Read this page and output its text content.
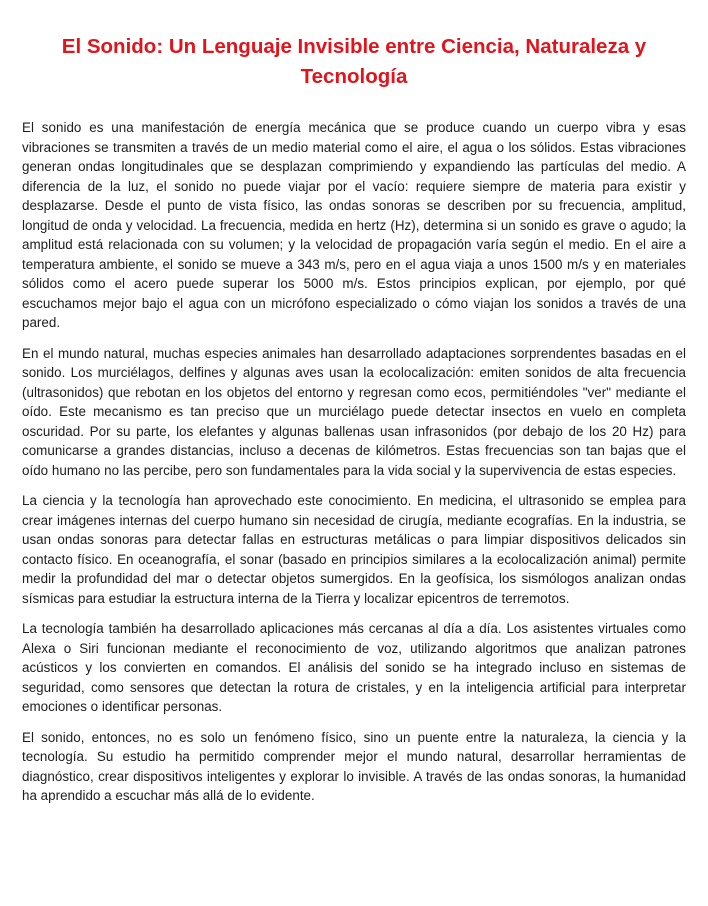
El Sonido: Un Lenguaje Invisible entre Ciencia, Naturaleza y Tecnología

El sonido es una manifestación de energía mecánica que se produce cuando un cuerpo vibra y esas vibraciones se transmiten a través de un medio material como el aire, el agua o los sólidos. Estas vibraciones generan ondas longitudinales que se desplazan comprimiendo y expandiendo las partículas del medio. A diferencia de la luz, el sonido no puede viajar por el vacío: requiere siempre de materia para existir y desplazarse. Desde el punto de vista físico, las ondas sonoras se describen por su frecuencia, amplitud, longitud de onda y velocidad. La frecuencia, medida en hertz (Hz), determina si un sonido es grave o agudo; la amplitud está relacionada con su volumen; y la velocidad de propagación varía según el medio. En el aire a temperatura ambiente, el sonido se mueve a 343 m/s, pero en el agua viaja a unos 1500 m/s y en materiales sólidos como el acero puede superar los 5000 m/s. Estos principios explican, por ejemplo, por qué escuchamos mejor bajo el agua con un micrófono especializado o cómo viajan los sonidos a través de una pared.

En el mundo natural, muchas especies animales han desarrollado adaptaciones sorprendentes basadas en el sonido. Los murciélagos, delfines y algunas aves usan la ecolocalización: emiten sonidos de alta frecuencia (ultrasonidos) que rebotan en los objetos del entorno y regresan como ecos, permitiéndoles "ver" mediante el oído. Este mecanismo es tan preciso que un murciélago puede detectar insectos en vuelo en completa oscuridad. Por su parte, los elefantes y algunas ballenas usan infrasonidos (por debajo de los 20 Hz) para comunicarse a grandes distancias, incluso a decenas de kilómetros. Estas frecuencias son tan bajas que el oído humano no las percibe, pero son fundamentales para la vida social y la supervivencia de estas especies.

La ciencia y la tecnología han aprovechado este conocimiento. En medicina, el ultrasonido se emplea para crear imágenes internas del cuerpo humano sin necesidad de cirugía, mediante ecografías. En la industria, se usan ondas sonoras para detectar fallas en estructuras metálicas o para limpiar dispositivos delicados sin contacto físico. En oceanografía, el sonar (basado en principios similares a la ecolocalización animal) permite medir la profundidad del mar o detectar objetos sumergidos. En la geofísica, los sismólogos analizan ondas sísmicas para estudiar la estructura interna de la Tierra y localizar epicentros de terremotos.

La tecnología también ha desarrollado aplicaciones más cercanas al día a día. Los asistentes virtuales como Alexa o Siri funcionan mediante el reconocimiento de voz, utilizando algoritmos que analizan patrones acústicos y los convierten en comandos. El análisis del sonido se ha integrado incluso en sistemas de seguridad, como sensores que detectan la rotura de cristales, y en la inteligencia artificial para interpretar emociones o identificar personas.

El sonido, entonces, no es solo un fenómeno físico, sino un puente entre la naturaleza, la ciencia y la tecnología. Su estudio ha permitido comprender mejor el mundo natural, desarrollar herramientas de diagnóstico, crear dispositivos inteligentes y explorar lo invisible. A través de las ondas sonoras, la humanidad ha aprendido a escuchar más allá de lo evidente.
